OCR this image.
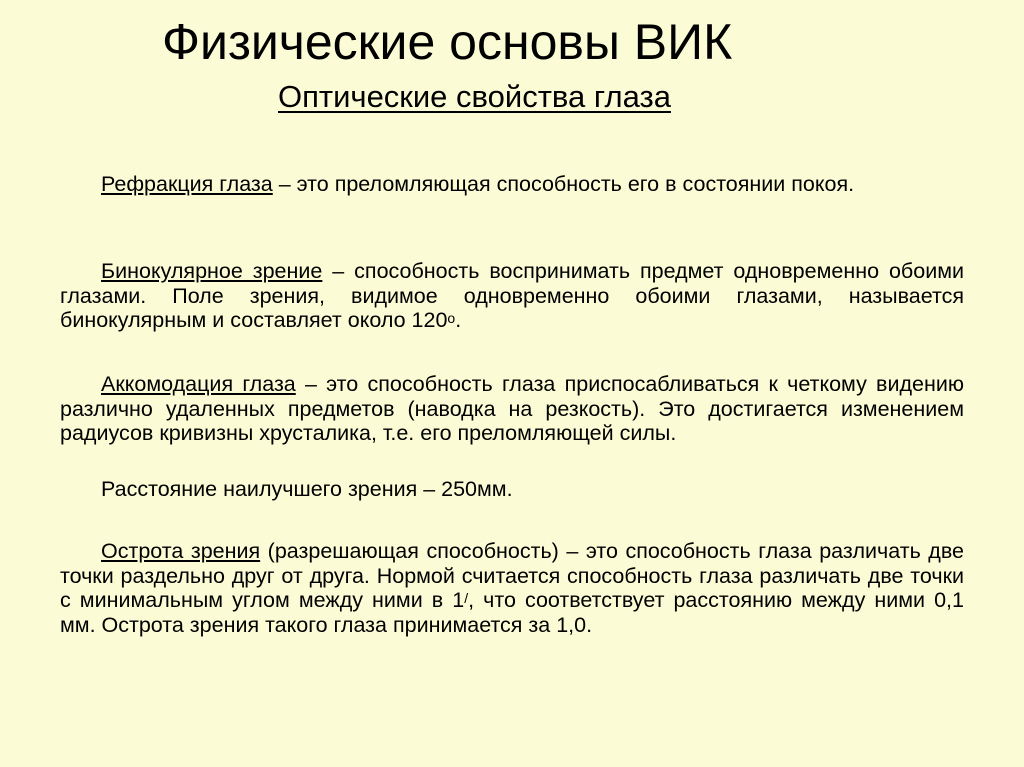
Физические основы ВИК
Оптические свойства глаза

Рефракция глаза – это преломляющая способность его в состоянии покоя.

Бинокулярное зрение – способность воспринимать предмет одновременно обоими глазами. Поле зрения, видимое одновременно обоими глазами, называется бинокулярным и составляет около $120^о$.

Аккомодация глаза – это способность глаза приспосабливаться к четкому видению различно удаленных предметов (наводка на резкость). Это достигается изменением радиусов кривизны хрусталика, т.е. его преломляющей силы.

Расстояние наилучшего зрения – 250мм.

Острота зрения (разрешающая способность) – это способность глаза различать две точки раздельно друг от друга. Нормой считается способность глаза различать две точки с минимальным углом между ними в 1/, что соответствует расстоянию между ними 0,1 мм. Острота зрения такого глаза принимается за 1,0.
